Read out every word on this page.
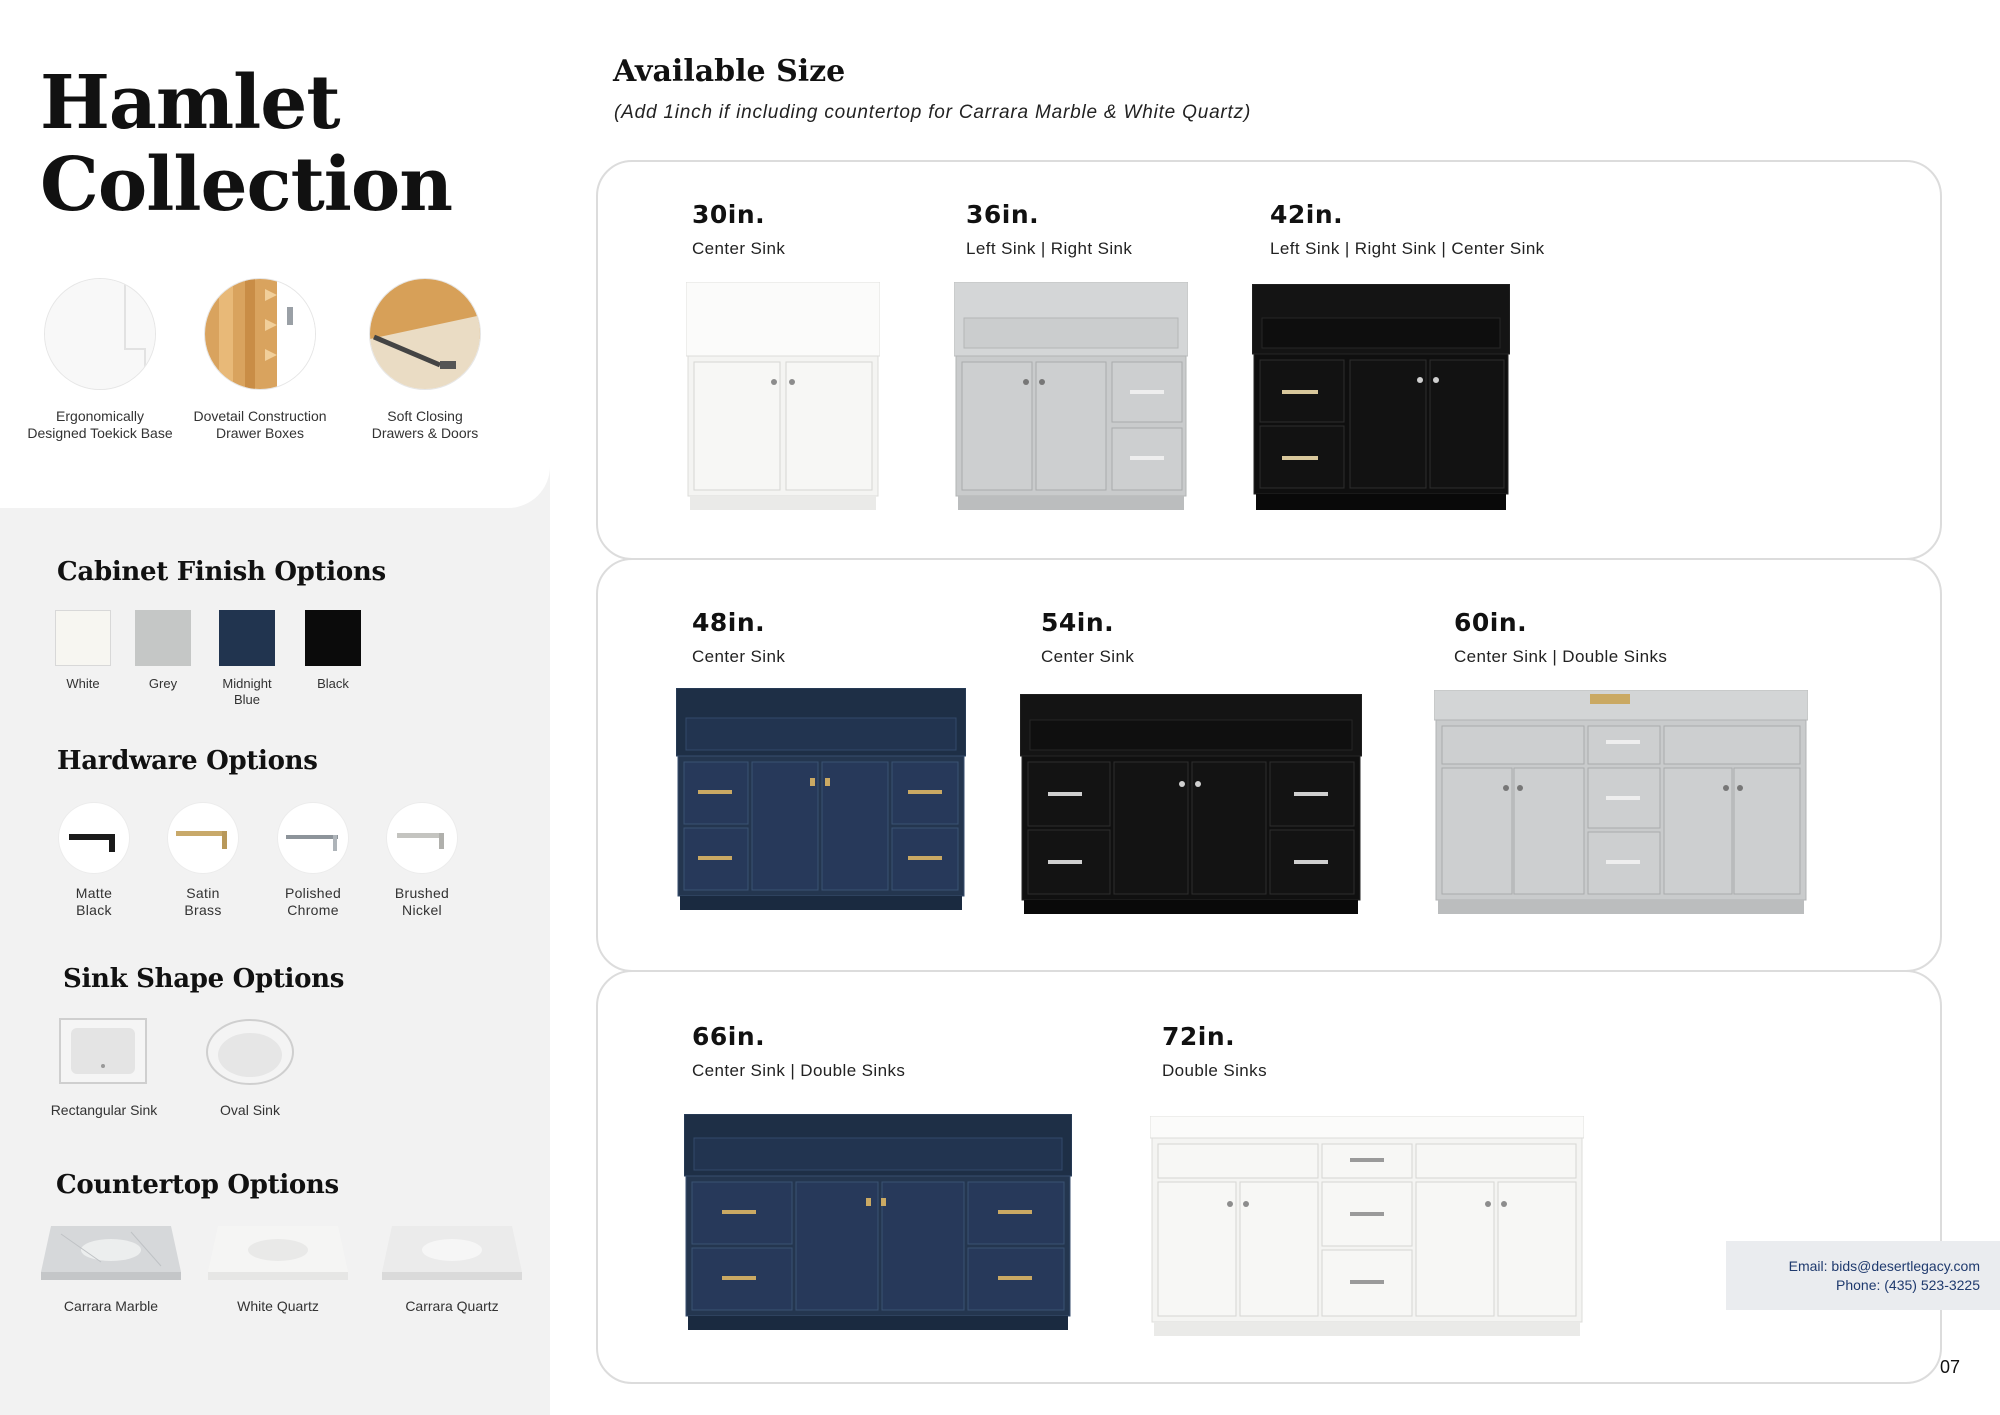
Hamlet
Collection
Ergonomically
Designed Toekick Base
Dovetail Construction
Drawer Boxes
Soft Closing
Drawers & Doors
Cabinet Finish Options
White	Grey	Midnight
Blue
Black
Hardware Options
Matte
Black
Satin
Brass
Polished
Chrome
Brushed
Nickel
Sink Shape Options
Rectangular Sink	Oval Sink
Countertop Options
Carrara Marble	White Quartz	Carrara Quartz
Available Size
(Add 1inch if including countertop for Carrara Marble & White Quartz)
30in.
Center Sink
36in.
Left Sink | Right Sink
42in.
Left Sink | Right Sink | Center Sink
48in.
Center Sink
54in.
Center Sink
60in.
Center Sink | Double Sinks
66in.
Center Sink | Double Sinks
72in.
Double Sinks
Email: bids@desertlegacy.com
Phone: (435) 523-3225
07
